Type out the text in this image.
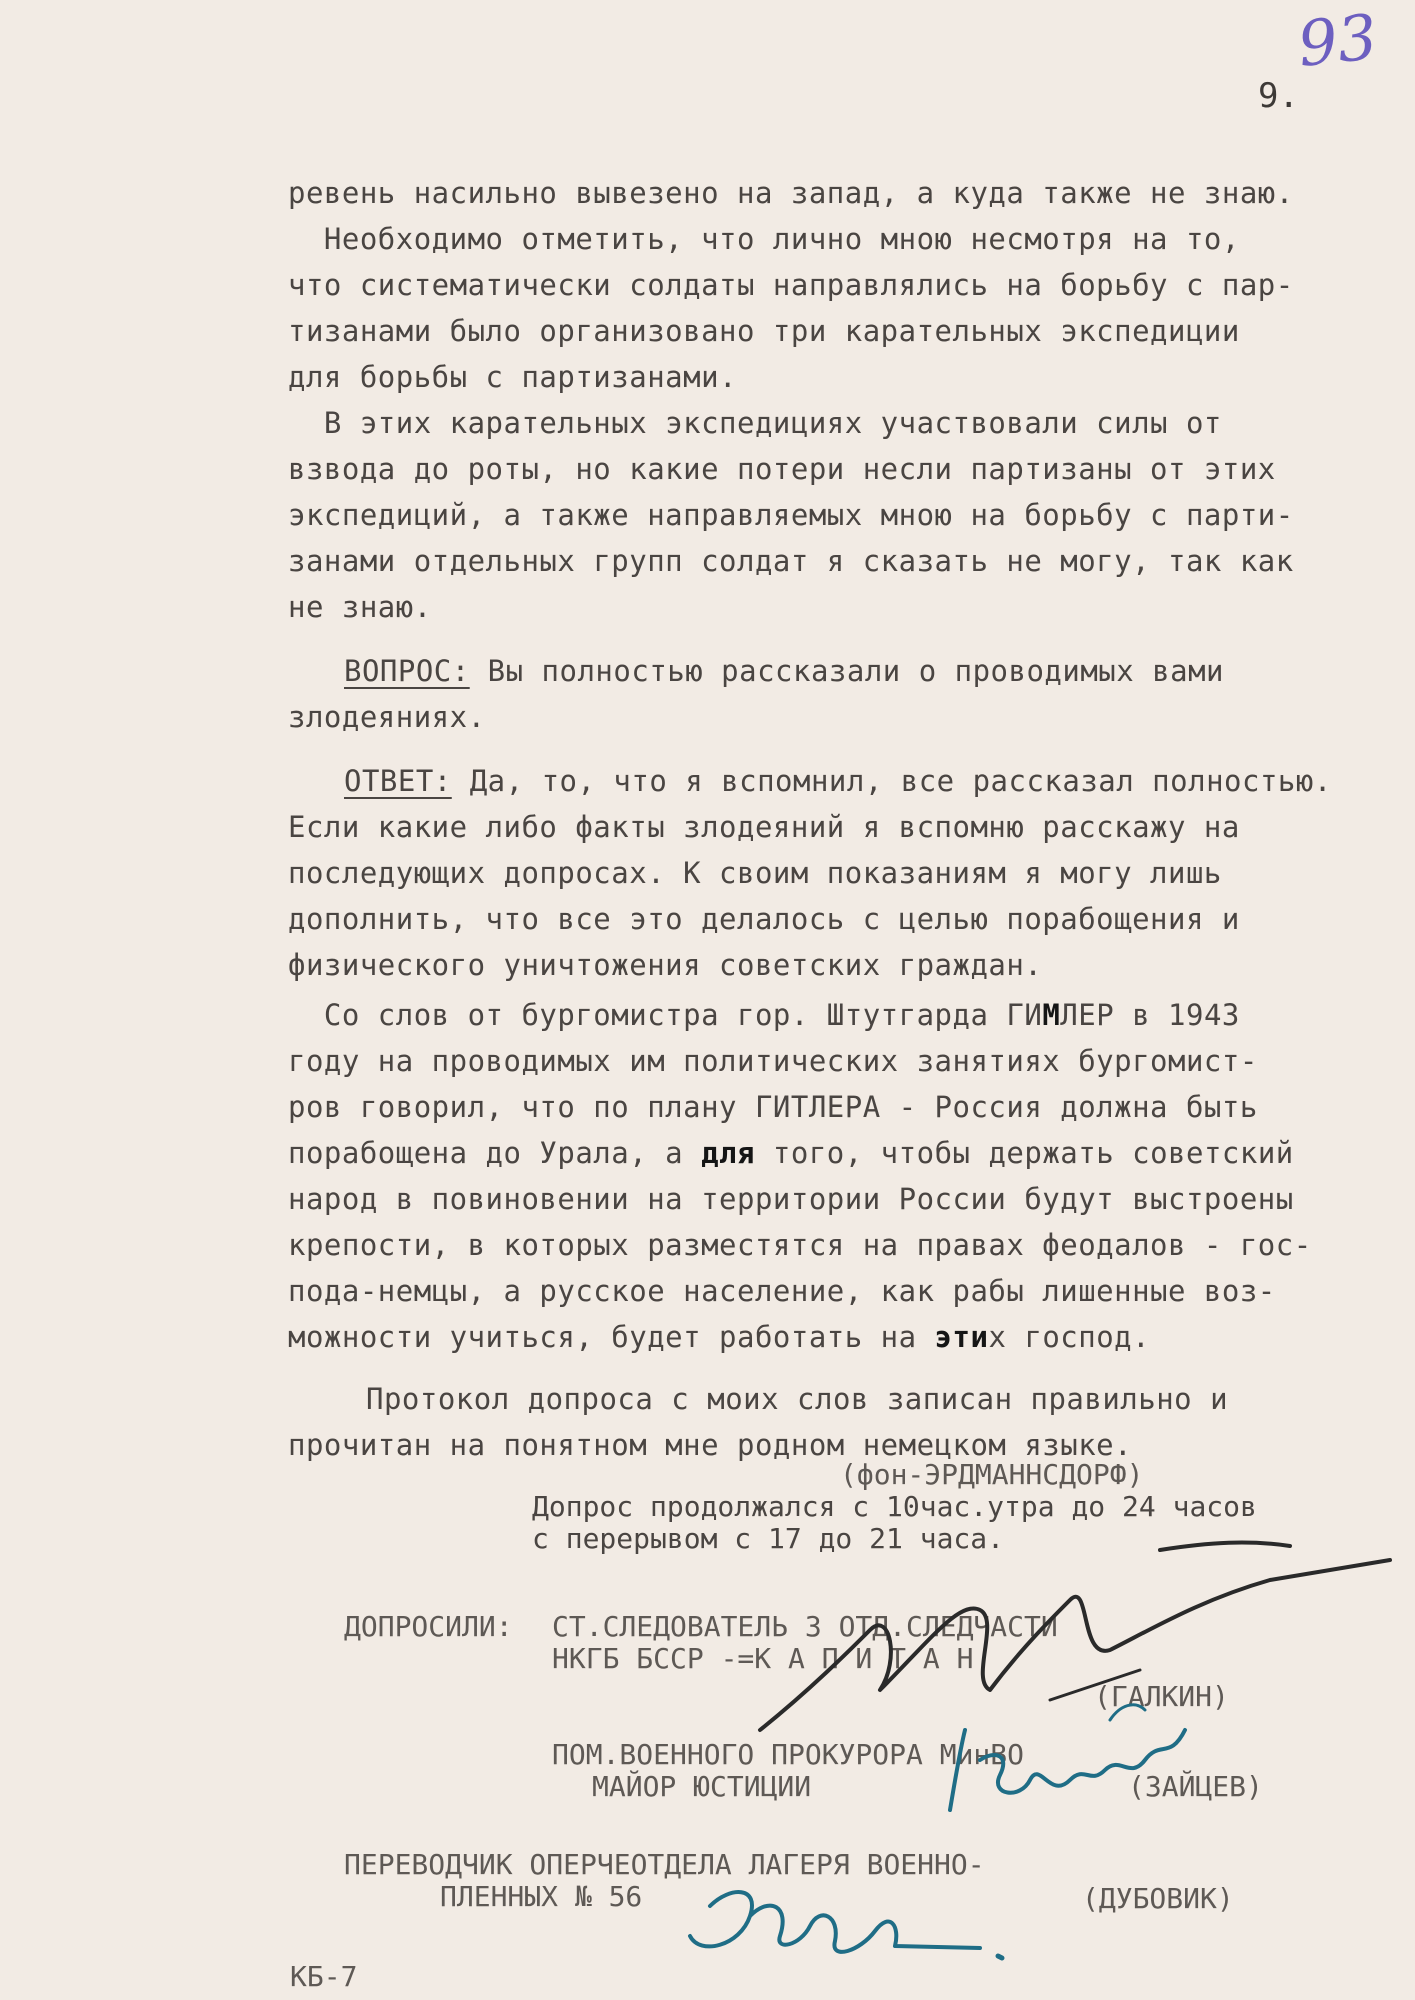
93
9.
ревень насильно вывезено на запад, а куда также не знаю.
Необходимо отметить, что лично мною несмотря на то,
что систематически солдаты направлялись на борьбу с пар-
тизанами было организовано три карательных экспедиции
для борьбы с партизанами.
В этих карательных экспедициях участвовали силы от
взвода до роты, но какие потери несли партизаны от этих
экспедиций, а также направляемых мною на борьбу с парти-
занами отдельных групп солдат я сказать не могу, так как
не знаю.
ВОПРОС: Вы полностью рассказали о проводимых вами
злодеяниях.
ОТВЕТ: Да, то, что я вспомнил, все рассказал полностью.
Если какие либо факты злодеяний я вспомню расскажу на
последующих допросах. К своим показаниям я могу лишь
дополнить, что все это делалось с целью порабощения и
физического уничтожения советских граждан.
Со слов от бургомистра гор. Штутгарда ГИМЛЕР в 1943
году на проводимых им политических занятиях бургомист-
ров говорил, что по плану ГИТЛЕРА - Россия должна быть
порабощена до Урала, а для того, чтобы держать советский
народ в повиновении на территории России будут выстроены
крепости, в которых разместятся на правах феодалов - гос-
пода-немцы, а русское население, как рабы лишенные воз-
можности учиться, будет работать на этих господ.
Протокол допроса с моих слов записан правильно и
прочитан на понятном мне родном немецком языке.
(фон-ЭРДМАННСДОРФ)
Допрос продолжался с 10час.утра до 24 часов
с перерывом с 17 до 21 часа.
ДОПРОСИЛИ: СТ.СЛЕДОВАТЕЛЬ 3 ОТД.СЛЕДЧАСТИ
НКГБ БССР -=К А П И Т А Н
(ГАЛКИН)
ПОМ.ВОЕННОГО ПРОКУРОРА МинВО
МАЙОР ЮСТИЦИИ	(ЗАЙЦЕВ)
ПЕРЕВОДЧИК ОПЕРЧЕОТДЕЛА ЛАГЕРЯ ВОЕННО-
ПЛЕННЫХ № 56	(ДУБОВИК)
КБ-7
